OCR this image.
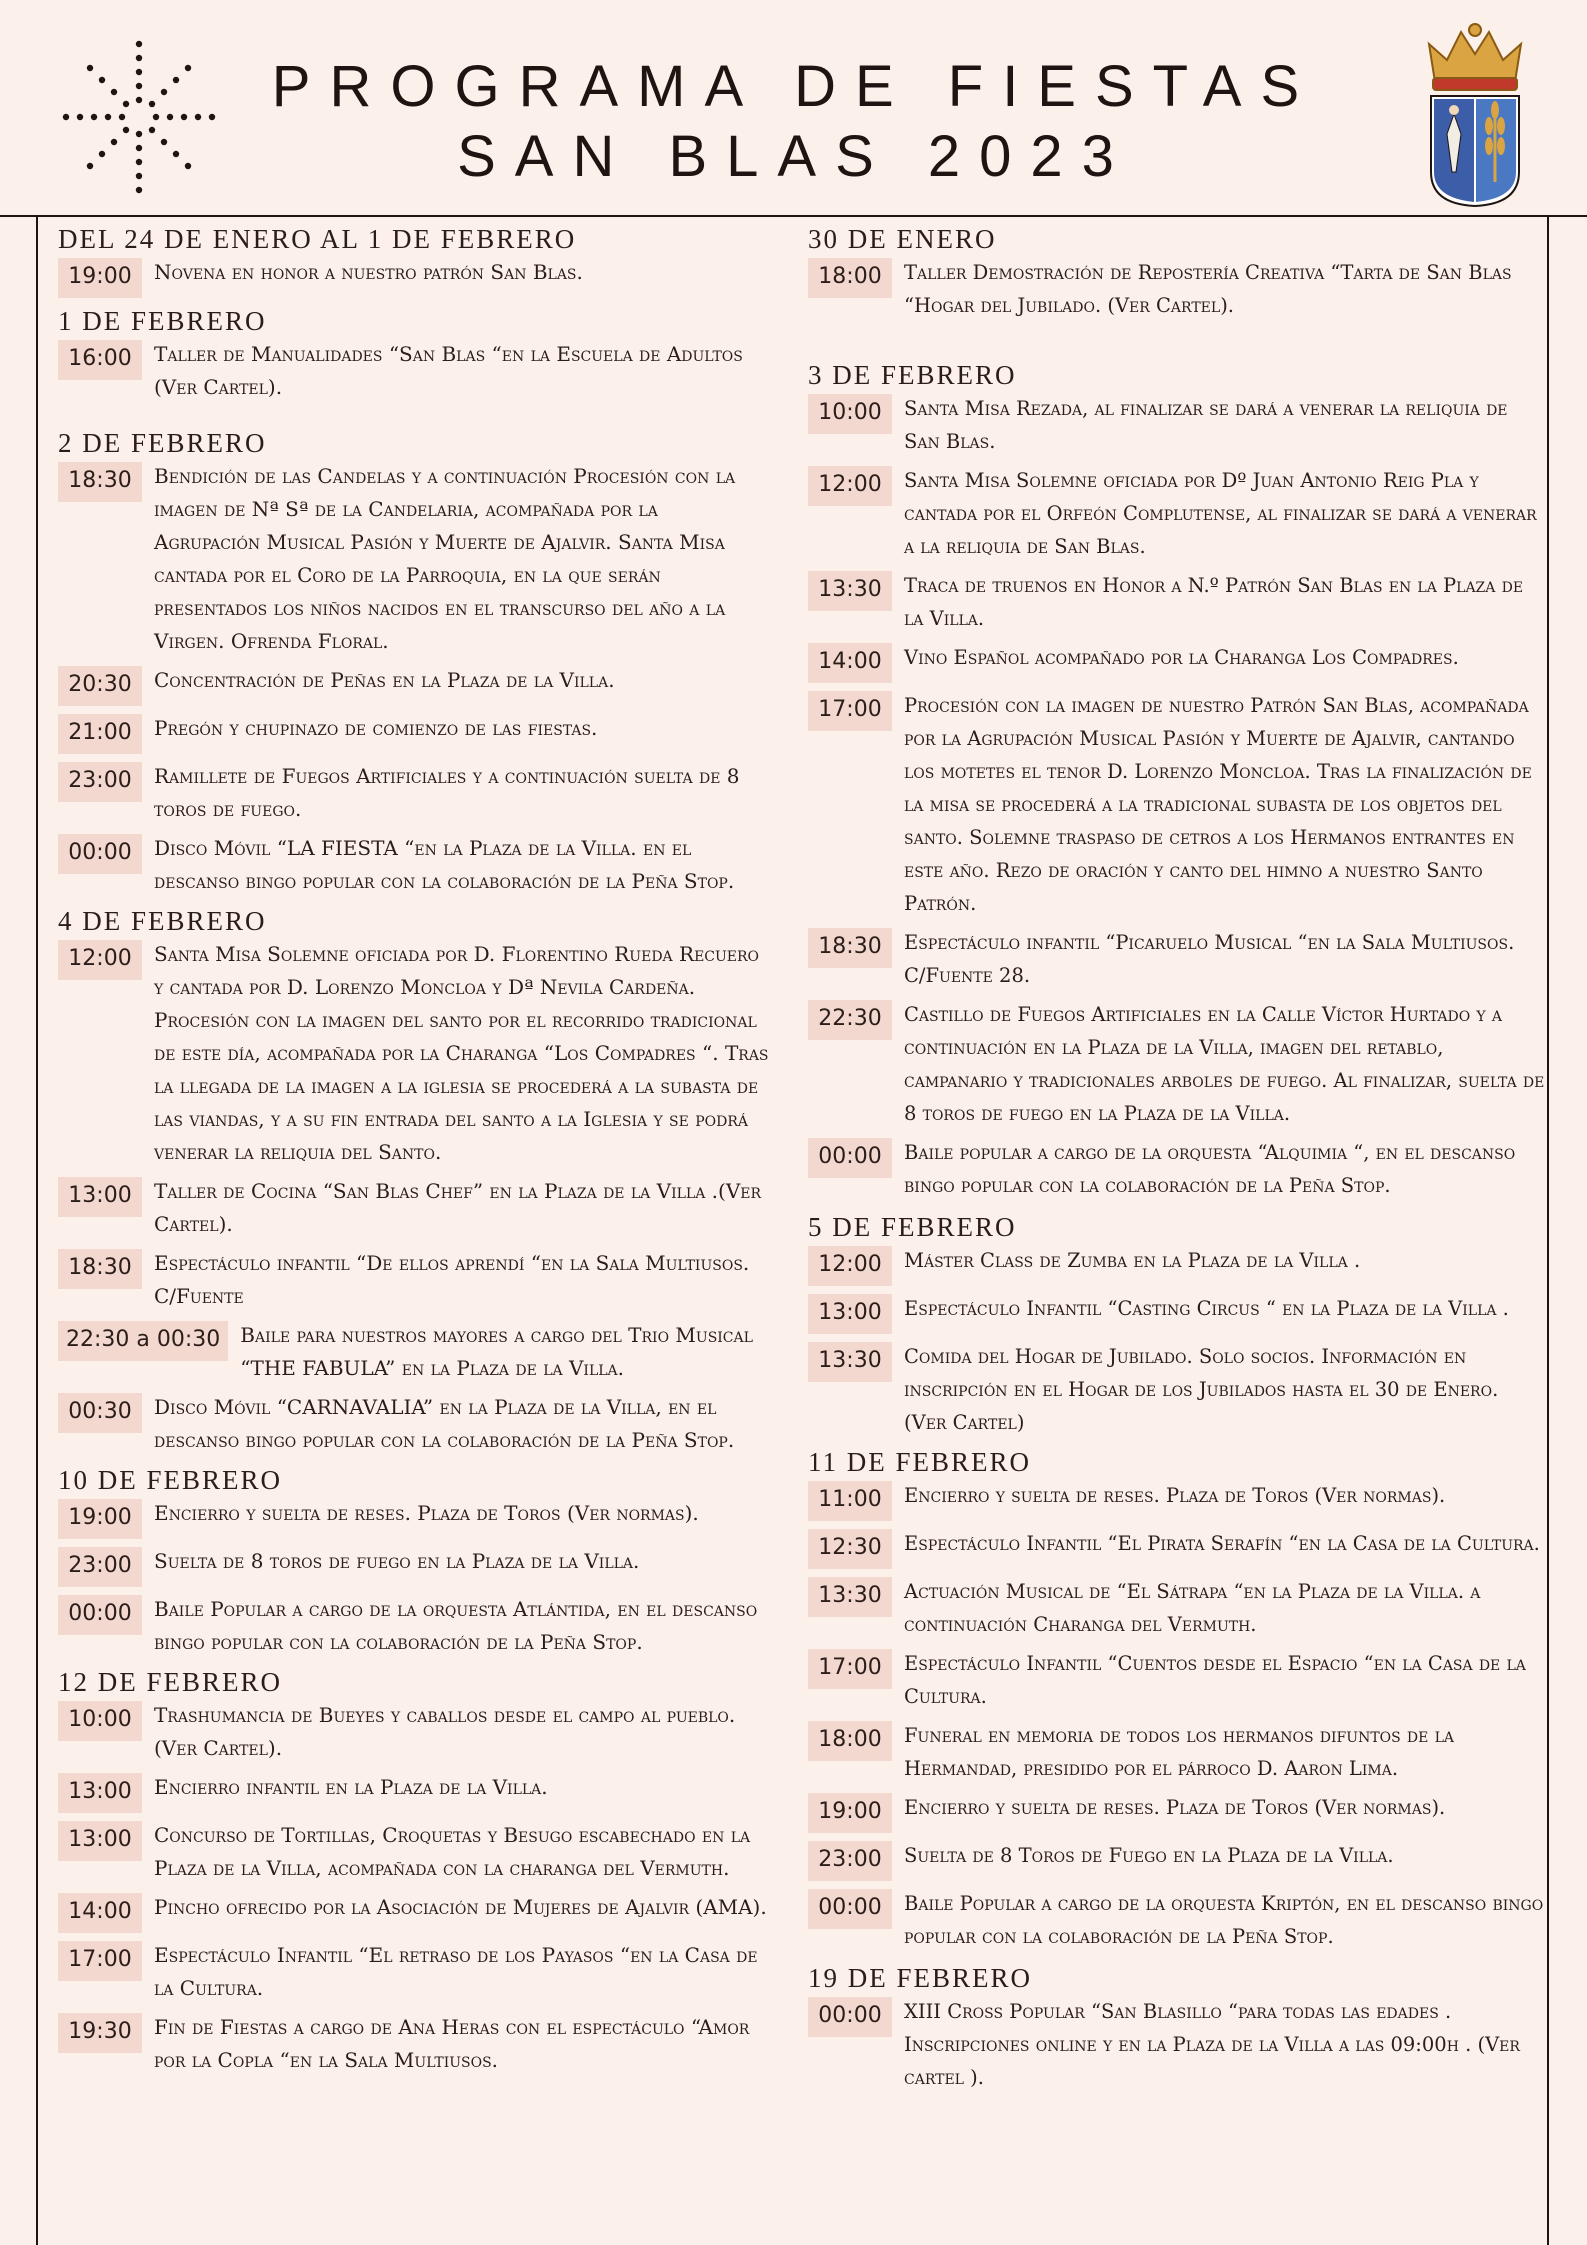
PROGRAMA DE FIESTAS
SAN BLAS 2023
DEL 24 DE ENERO AL 1 DE FEBRERO
19:00	Novena en honor a nuestro patrón San Blas.
1 DE FEBRERO
16:00	Taller de Manualidades “San Blas “en la Escuela de Adultos (Ver Cartel).
2 DE FEBRERO
18:30	Bendición de las Candelas y a continuación Procesión con la imagen de Nª Sª de la Candelaria, acompañada por la Agrupación Musical Pasión y Muerte de Ajalvir. Santa Misa cantada por el Coro de la Parroquia, en la que serán presentados los niños nacidos en el transcurso del año a la Virgen. Ofrenda Floral.
20:30	Concentración de Peñas en la Plaza de la Villa.
21:00	Pregón y chupinazo de comienzo de las fiestas.
23:00	Ramillete de Fuegos Artificiales y a continuación suelta de 8 toros de fuego.
00:00	Disco Móvil “LA FIESTA “en la Plaza de la Villa. en el descanso bingo popular con la colaboración de la Peña Stop.
4 DE FEBRERO
12:00	Santa Misa Solemne oficiada por D. Florentino Rueda Recuero y cantada por D. Lorenzo Moncloa y Dª Nevila Cardeña. Procesión con la imagen del santo por el recorrido tradicional de este día, acompañada por la Charanga “Los Compadres “. Tras la llegada de la imagen a la iglesia se procederá a la subasta de las viandas, y a su fin entrada del santo a la Iglesia y se podrá venerar la reliquia del Santo.
13:00	Taller de Cocina “San Blas Chef” en la Plaza de la Villa .(Ver Cartel).
18:30	Espectáculo infantil “De ellos aprendí “en la Sala Multiusos. C/Fuente
22:30 a 00:30	Baile para nuestros mayores a cargo del Trio Musical “THE FABULA” en la Plaza de la Villa.
00:30	Disco Móvil “CARNAVALIA” en la Plaza de la Villa, en el descanso bingo popular con la colaboración de la Peña Stop.
10 DE FEBRERO
19:00	Encierro y suelta de reses. Plaza de Toros (Ver normas).
23:00	Suelta de 8 toros de fuego en la Plaza de la Villa.
00:00	Baile Popular a cargo de la orquesta Atlántida, en el descanso bingo popular con la colaboración de la Peña Stop.
12 DE FEBRERO
10:00	Trashumancia de Bueyes y caballos desde el campo al pueblo. (Ver Cartel).
13:00	Encierro infantil en la Plaza de la Villa.
13:00	Concurso de Tortillas, Croquetas y Besugo escabechado en la Plaza de la Villa, acompañada con la charanga del Vermuth.
14:00	Pincho ofrecido por la Asociación de Mujeres de Ajalvir (AMA).
17:00	Espectáculo Infantil “El retraso de los Payasos “en la Casa de la Cultura.
19:30	Fin de Fiestas a cargo de Ana Heras con el espectáculo “Amor por la Copla “en la Sala Multiusos.
30 DE ENERO
18:00	Taller Demostración de Repostería Creativa “Tarta de San Blas “Hogar del Jubilado. (Ver Cartel).
3 DE FEBRERO
10:00	Santa Misa Rezada, al finalizar se dará a venerar la reliquia de San Blas.
12:00	Santa Misa Solemne oficiada por Dº Juan Antonio Reig Pla y cantada por el Orfeón Complutense, al finalizar se dará a venerar a la reliquia de San Blas.
13:30	Traca de truenos en Honor a N.º Patrón San Blas en la Plaza de la Villa.
14:00	Vino Español acompañado por la Charanga Los Compadres.
17:00	Procesión con la imagen de nuestro Patrón San Blas, acompañada por la Agrupación Musical Pasión y Muerte de Ajalvir, cantando los motetes el tenor D. Lorenzo Moncloa. Tras la finalización de la misa se procederá a la tradicional subasta de los objetos del santo. Solemne traspaso de cetros a los Hermanos entrantes en este año. Rezo de oración y canto del himno a nuestro Santo Patrón.
18:30	Espectáculo infantil “Picaruelo Musical “en la Sala Multiusos. C/Fuente 28.
22:30	Castillo de Fuegos Artificiales en la Calle Víctor Hurtado y a continuación en la Plaza de la Villa, imagen del retablo, campanario y tradicionales arboles de fuego. Al finalizar, suelta de 8 toros de fuego en la Plaza de la Villa.
00:00	Baile popular a cargo de la orquesta “Alquimia “, en el descanso bingo popular con la colaboración de la Peña Stop.
5 DE FEBRERO
12:00	Máster Class de Zumba en la Plaza de la Villa .
13:00	Espectáculo Infantil “Casting Circus “ en la Plaza de la Villa .
13:30	Comida del Hogar de Jubilado. Solo socios. Información en inscripción en el Hogar de los Jubilados hasta el 30 de Enero. (Ver Cartel)
11 DE FEBRERO
11:00	Encierro y suelta de reses. Plaza de Toros (Ver normas).
12:30	Espectáculo Infantil “El Pirata Serafín “en la Casa de la Cultura.
13:30	Actuación Musical de “El Sátrapa “en la Plaza de la Villa. a continuación Charanga del Vermuth.
17:00	Espectáculo Infantil “Cuentos desde el Espacio “en la Casa de la Cultura.
18:00	Funeral en memoria de todos los hermanos difuntos de la Hermandad, presidido por el párroco D. Aaron Lima.
19:00	Encierro y suelta de reses. Plaza de Toros (Ver normas).
23:00	Suelta de 8 Toros de Fuego en la Plaza de la Villa.
00:00	Baile Popular a cargo de la orquesta Kriptón, en el descanso bingo popular con la colaboración de la Peña Stop.
19 DE FEBRERO
00:00	XIII Cross Popular “San Blasillo “para todas las edades . Inscripciones online y en la Plaza de la Villa a las 09:00h . (Ver cartel ).
